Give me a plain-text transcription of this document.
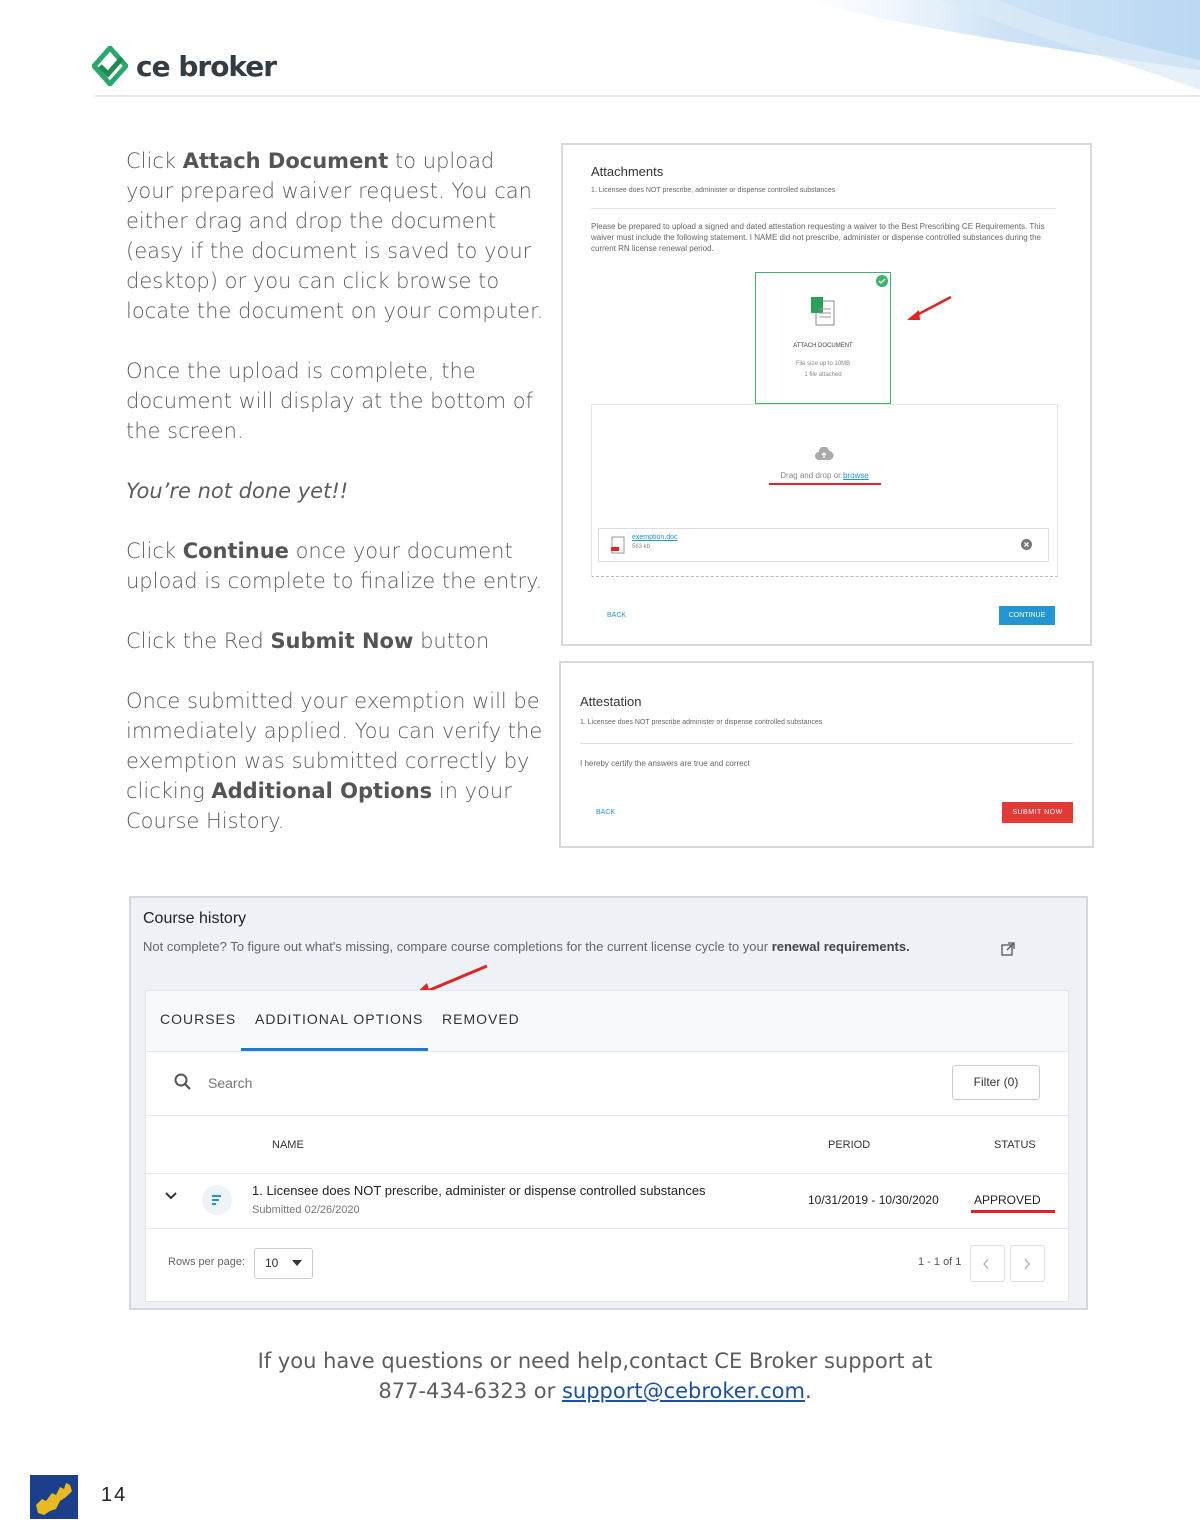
ce broker

Click Attach Document to upload your prepared waiver request. You can either drag and drop the document (easy if the document is saved to your desktop) or you can click browse to locate the document on your computer.

Once the upload is complete, the document will display at the bottom of the screen.

You’re not done yet!!

Click Continue once your document upload is complete to finalize the entry.

Click the Red Submit Now button

Once submitted your exemption will be immediately applied. You can verify the exemption was submitted correctly by clicking Additional Options in your Course History.

Attachments
1. Licensee does NOT prescribe, administer or dispense controlled substances
Please be prepared to upload a signed and dated attestation requesting a waiver to the Best Prescribing CE Requirements. This waiver must include the following statement. I NAME did not prescribe, administer or dispense controlled substances during the current RN license renewal period.
ATTACH DOCUMENT
File size up to 10MB
1 file attached
Drag and drop or browse
exemption.doc
563 kb
BACK	CONTINUE
Attestation
1. Licensee does NOT prescribe administer or dispense controlled substances
I hereby certify the answers are true and correct
BACK	SUBMIT NOW
Course history
Not complete? To figure out what's missing, compare course completions for the current license cycle to your renewal requirements.
COURSES ADDITIONAL OPTIONS REMOVED
Search
Filter (0)
NAME	PERIOD	STATUS
1. Licensee does NOT prescribe, administer or dispense controlled substances
Submitted 02/26/2020
10/31/2019 - 10/30/2020	APPROVED
Rows per page: 10	1 - 1 of 1
If you have questions or need help,contact CE Broker support at
877-434-6323 or support@cebroker.com.
14
